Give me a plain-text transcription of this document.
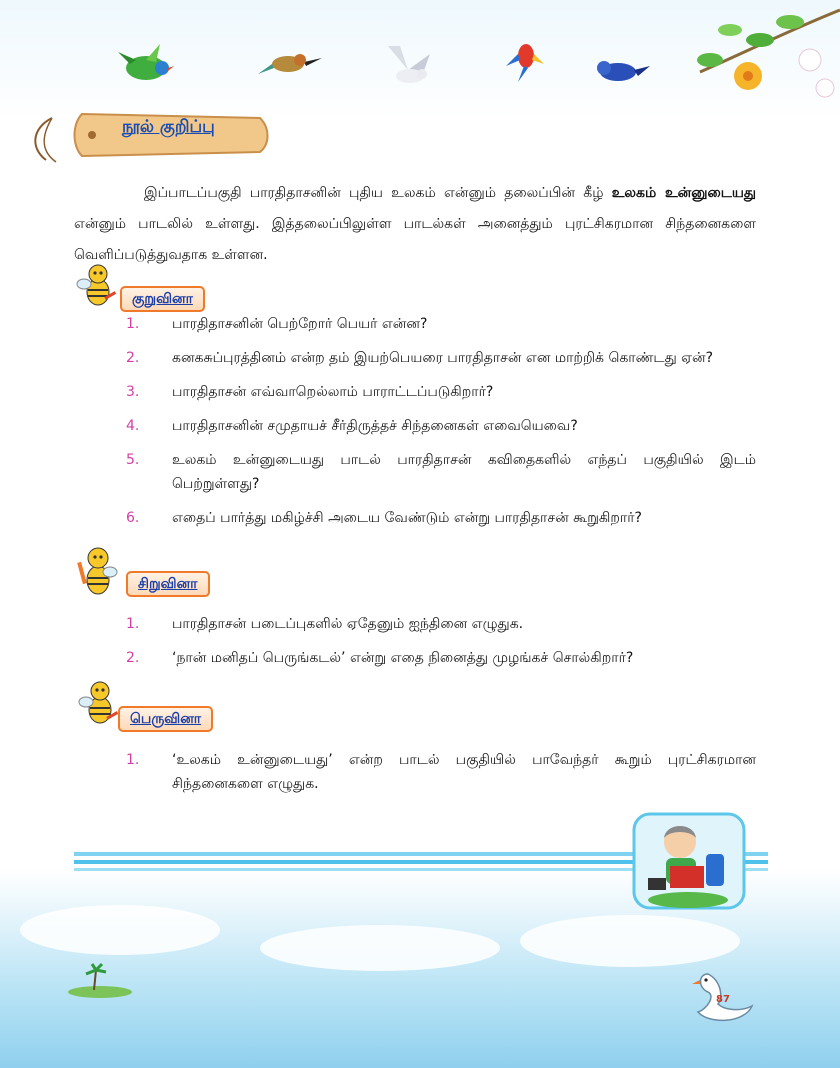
நூல் குறிப்பு
இப்பாடப்பகுதி பாரதிதாசனின் புதிய உலகம் என்னும் தலைப்பின் கீழ் உலகம் உன்னுடையது என்னும் பாடலில் உள்ளது. இத்தலைப்பிலுள்ள பாடல்கள் அனைத்தும் புரட்சிகரமான சிந்தனைகளை வெளிப்படுத்துவதாக உள்ளன.
குறுவினா
1. பாரதிதாசனின் பெற்றோர் பெயர் என்ன?
2. கனகசுப்புரத்தினம் என்ற தம் இயற்பெயரை பாரதிதாசன் என மாற்றிக் கொண்டது ஏன்?
3. பாரதிதாசன் எவ்வாறெல்லாம் பாராட்டப்படுகிறார்?
4. பாரதிதாசனின் சமுதாயச் சீர்திருத்தச் சிந்தனைகள் எவையெவை?
5. உலகம் உன்னுடையது பாடல் பாரதிதாசன் கவிதைகளில் எந்தப் பகுதியில் இடம் பெற்றுள்ளது?
6. எதைப் பார்த்து மகிழ்ச்சி அடைய வேண்டும் என்று பாரதிதாசன் கூறுகிறார்?
சிறுவினா
1. பாரதிதாசன் படைப்புகளில் ஏதேனும் ஐந்தினை எழுதுக.
2. ‘நான் மனிதப் பெருங்கடல்’ என்று எதை நினைத்து முழங்கச் சொல்கிறார்?
பெருவினா
1. ‘உலகம் உன்னுடையது’ என்ற பாடல் பகுதியில் பாவேந்தர் கூறும் புரட்சிகரமான சிந்தனைகளை எழுதுக.
87
